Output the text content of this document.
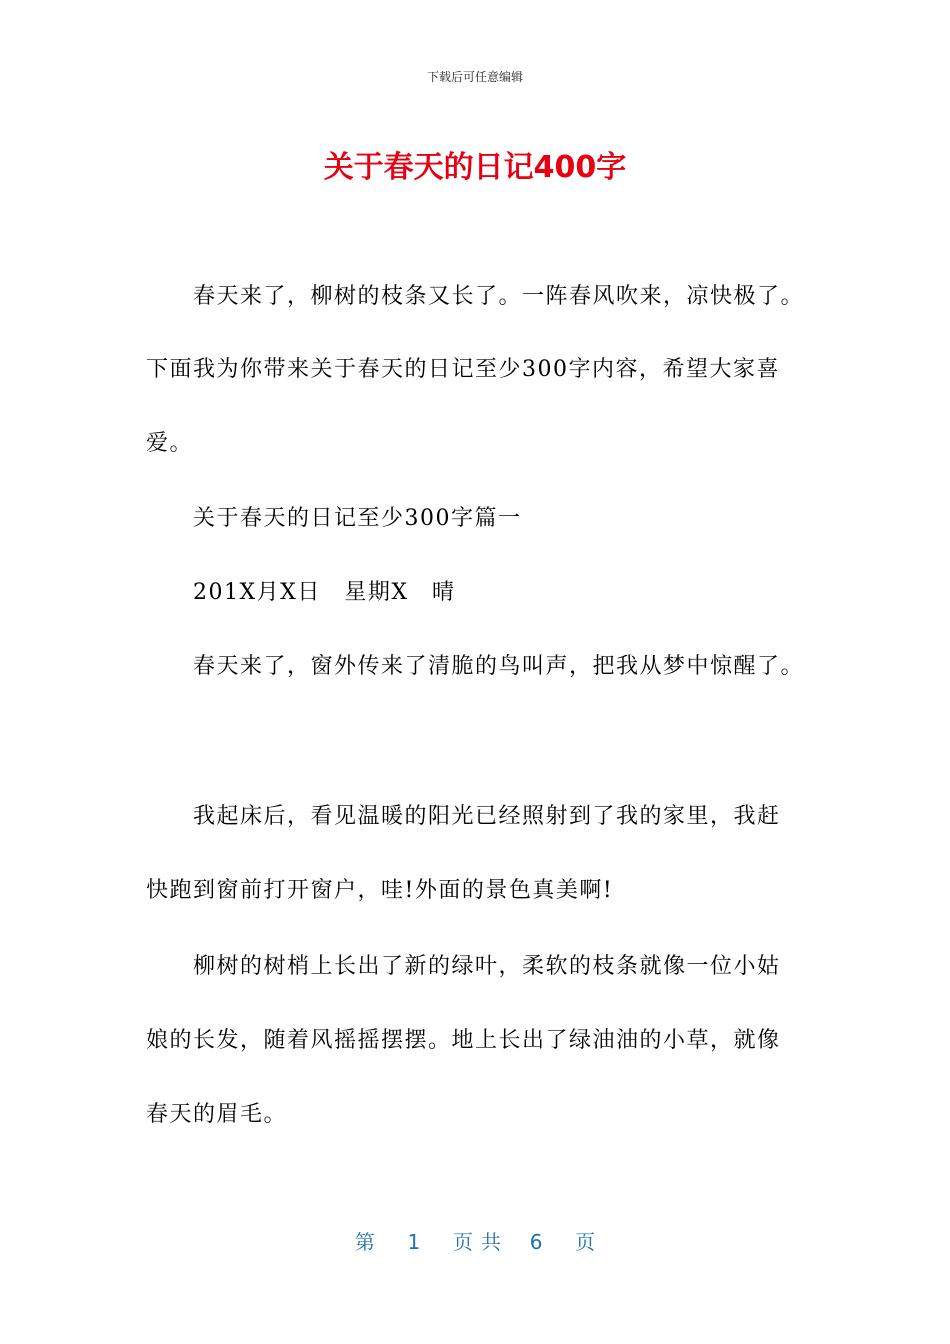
下载后可任意编辑
关于春天的日记400字
春天来了，柳树的枝条又长了。一阵春风吹来，凉快极了。
下面我为你带来关于春天的日记至少300字内容，希望大家喜
爱。
关于春天的日记至少300字篇一
201X月X日　星期X　晴
春天来了，窗外传来了清脆的鸟叫声，把我从梦中惊醒了。
我起床后，看见温暖的阳光已经照射到了我的家里，我赶
快跑到窗前打开窗户，哇!外面的景色真美啊!
柳树的树梢上长出了新的绿叶，柔软的枝条就像一位小姑
娘的长发，随着风摇摇摆摆。地上长出了绿油油的小草，就像
春天的眉毛。
第 1 页共 6 页
